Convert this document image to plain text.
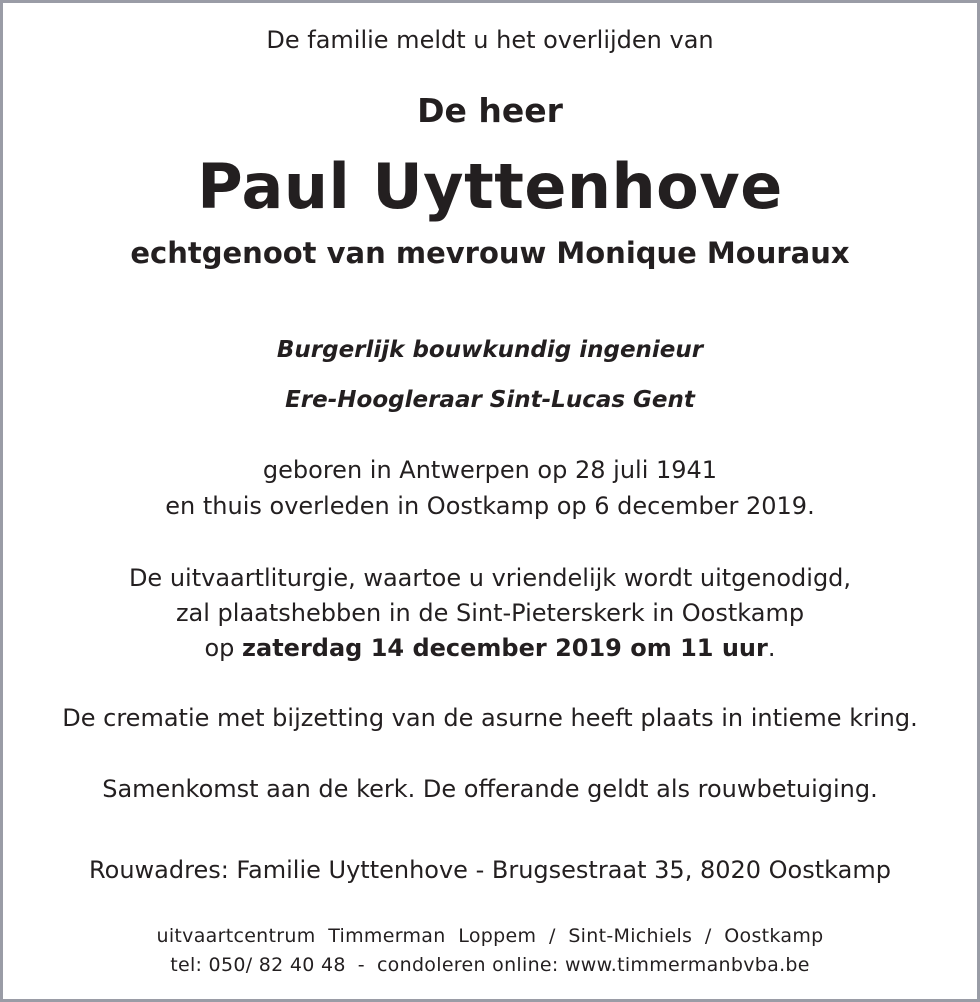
De familie meldt u het overlijden van
De heer
Paul Uyttenhove
echtgenoot van mevrouw Monique Mouraux
Burgerlijk bouwkundig ingenieur
Ere-Hoogleraar Sint-Lucas Gent
geboren in Antwerpen op 28 juli 1941
en thuis overleden in Oostkamp op 6 december 2019.
De uitvaartliturgie, waartoe u vriendelijk wordt uitgenodigd,
zal plaatshebben in de Sint-Pieterskerk in Oostkamp
op zaterdag 14 december 2019 om 11 uur.
De crematie met bijzetting van de asurne heeft plaats in intieme kring.
Samenkomst aan de kerk. De offerande geldt als rouwbetuiging.
Rouwadres: Familie Uyttenhove - Brugsestraat 35, 8020 Oostkamp
uitvaartcentrum  Timmerman  Loppem  /  Sint-Michiels  /  Oostkamp
tel: 050/ 82 40 48 - condoleren online: www.timmermanbvba.be
